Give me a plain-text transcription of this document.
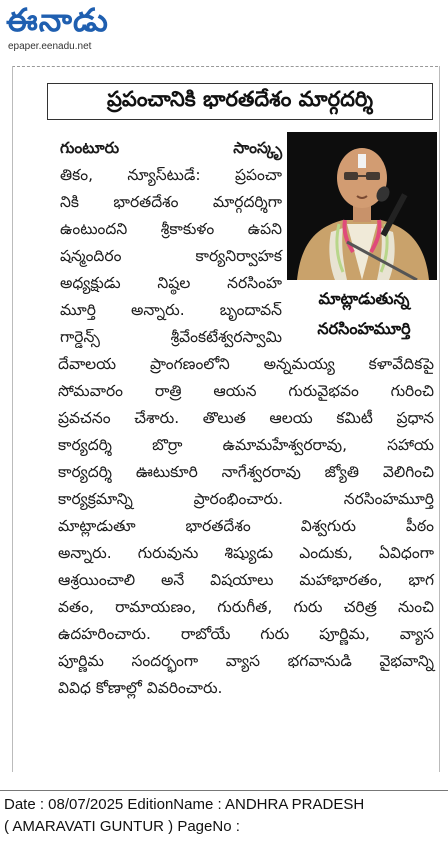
ఈనాడు
epaper.eenadu.net
ప్రపంచానికి భారతదేశం మార్గదర్శి
గుంటూరు సాంస్కృ
తికం, న్యూస్‌టుడే: ప్రపంచా
నికి భారతదేశం మార్గదర్శిగా
ఉంటుందని శ్రీకాకుళం ఉపని
షన్మందిరం కార్యనిర్వాహక
అధ్యక్షుడు నిష్ఠల నరసింహ
మూర్తి అన్నారు. బృందావన్
గార్డెన్స్ శ్రీవేంకటేశ్వరస్వామి
మాట్లాడుతున్న
నరసింహమూర్తి
దేవాలయ ప్రాంగణంలోని అన్నమయ్య కళావేదికపై
సోమవారం రాత్రి ఆయన గురువైభవం గురించి
ప్రవచనం చేశారు. తొలుత ఆలయ కమిటీ ప్రధాన
కార్యదర్శి బొర్రా ఉమామహేశ్వరరావు, సహాయ
కార్యదర్శి ఊటుకూరి నాగేశ్వరరావు జ్యోతి వెలిగించి
కార్యక్రమాన్ని ప్రారంభించారు. నరసింహమూర్తి
మాట్లాడుతూ భారతదేశం విశ్వగురు పీఠం
అన్నారు. గురువును శిష్యుడు ఎందుకు, ఏవిధంగా
ఆశ్రయించాలి అనే విషయాలు మహాభారతం, భాగ
వతం, రామాయణం, గురుగీత, గురు చరిత్ర నుంచి
ఉదహరించారు. రాబోయే గురు పూర్ణిమ, వ్యాస
పూర్ణిమ సందర్భంగా వ్యాస భగవానుడి వైభవాన్ని
వివిధ కోణాల్లో వివరించారు.
Date : 08/07/2025 EditionName : ANDHRA PRADESH
( AMARAVATI GUNTUR ) PageNo :
